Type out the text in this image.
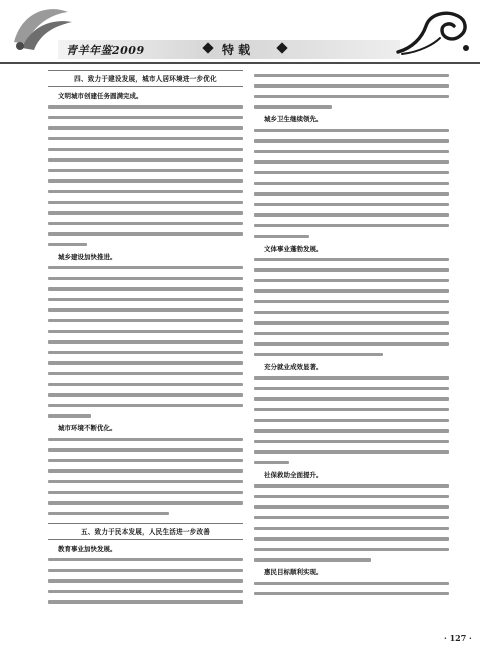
青羊年鉴2009	特 载

四、致力于建设发展，城市人居环境进一步优化
文明城市创建任务圆满完成。
城乡建设加快推进。
城市环境不断优化。
五、致力于民本发展，人民生活进一步改善
教育事业加快发展。
城乡卫生继续领先。
文体事业蓬勃发展。
充分就业成效显著。
社保救助全面提升。
惠民目标顺利实现。

· 127 ·
